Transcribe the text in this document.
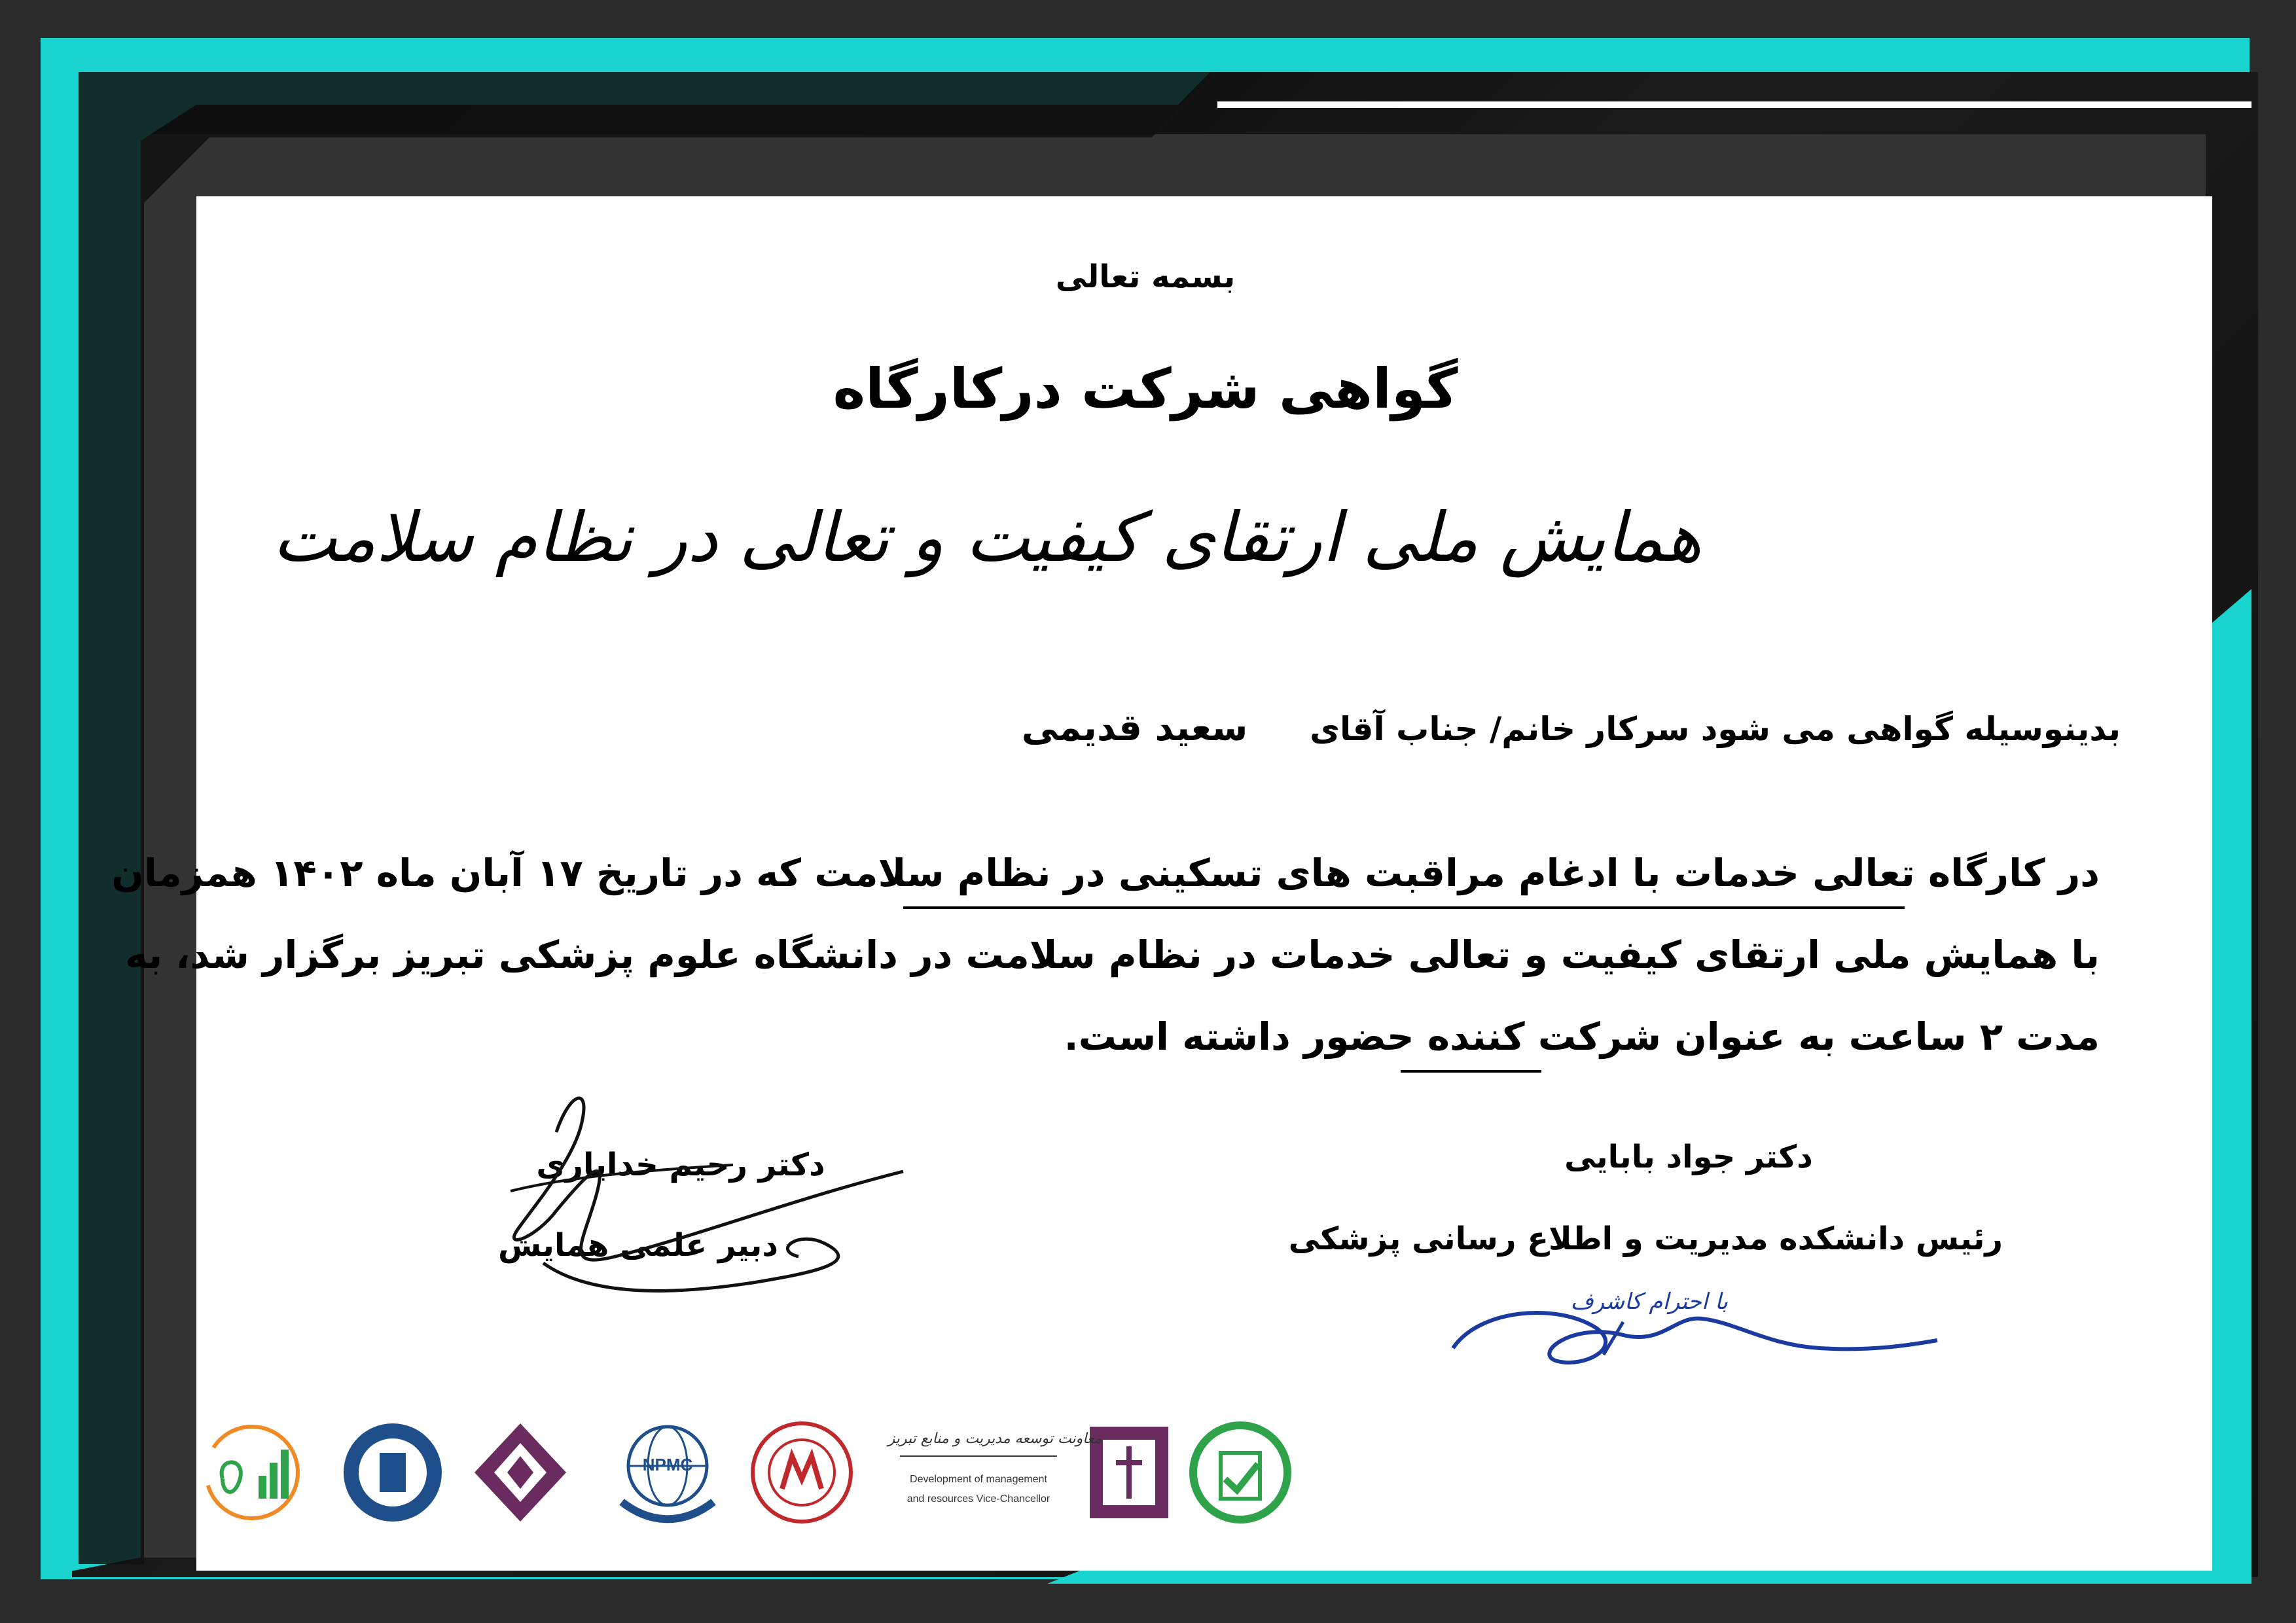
بسمه تعالی
گواهی شرکت درکارگاه
همایش ملی ارتقای کیفیت و تعالی در نظام سلامت
بدینوسیله گواهی می شود سرکار خانم/ جناب آقای  سعید قدیمی
در کارگاه تعالی خدمات با ادغام مراقبت های تسکینی در نظام سلامت که در تاریخ ۱۷ آبان ماه ۱۴۰۲ همزمان
با همایش ملی ارتقای کیفیت و تعالی خدمات در نظام سلامت در دانشگاه علوم پزشکی تبریز برگزار شد، به
مدت ۲ ساعت به عنوان شرکت کننده حضور داشته است.
دکتر جواد بابایی
رئیس دانشکده مدیریت و اطلاع رسانی پزشکی
دکتر رحیم خدایاری
دبیر علمی همایش
با احترام کاشرف
معاونت توسعه مدیریت و منابع تبریز
Development of management
and resources Vice-Chancellor
NPMC
